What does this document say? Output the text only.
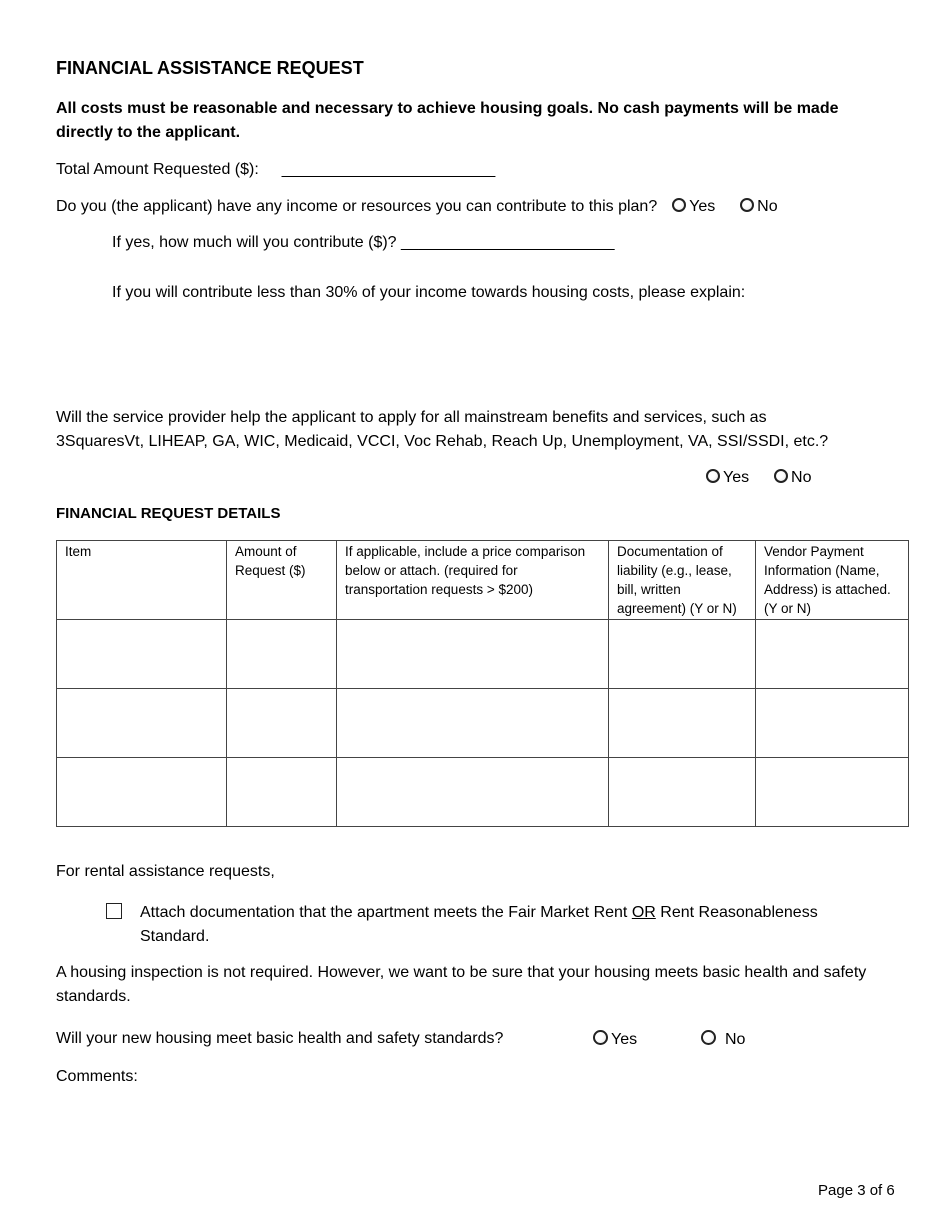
FINANCIAL ASSISTANCE REQUEST
All costs must be reasonable and necessary to achieve housing goals. No cash payments will be made directly to the applicant.
Total Amount Requested ($): ________________________
Do you (the applicant) have any income or resources you can contribute to this plan? Yes	No
If yes, how much will you contribute ($)? ________________________
If you will contribute less than 30% of your income towards housing costs, please explain:
Will the service provider help the applicant to apply for all mainstream benefits and services, such as 3SquaresVt, LIHEAP, GA, WIC, Medicaid, VCCI, Voc Rehab, Reach Up, Unemployment, VA, SSI/SSDI, etc.?
Yes	No
FINANCIAL REQUEST DETAILS
Item	Amount of Request ($)	If applicable, include a price comparison below or attach. (required for transportation requests > $200)	Documentation of liability (e.g., lease, bill, written agreement) (Y or N)	Vendor Payment Information (Name, Address) is attached. (Y or N)

For rental assistance requests,
Attach documentation that the apartment meets the Fair Market Rent OR Rent Reasonableness Standard.
A housing inspection is not required. However, we want to be sure that your housing meets basic health and safety standards.
Will your new housing meet basic health and safety standards?	Yes	No
Comments:
Page 3 of 6
